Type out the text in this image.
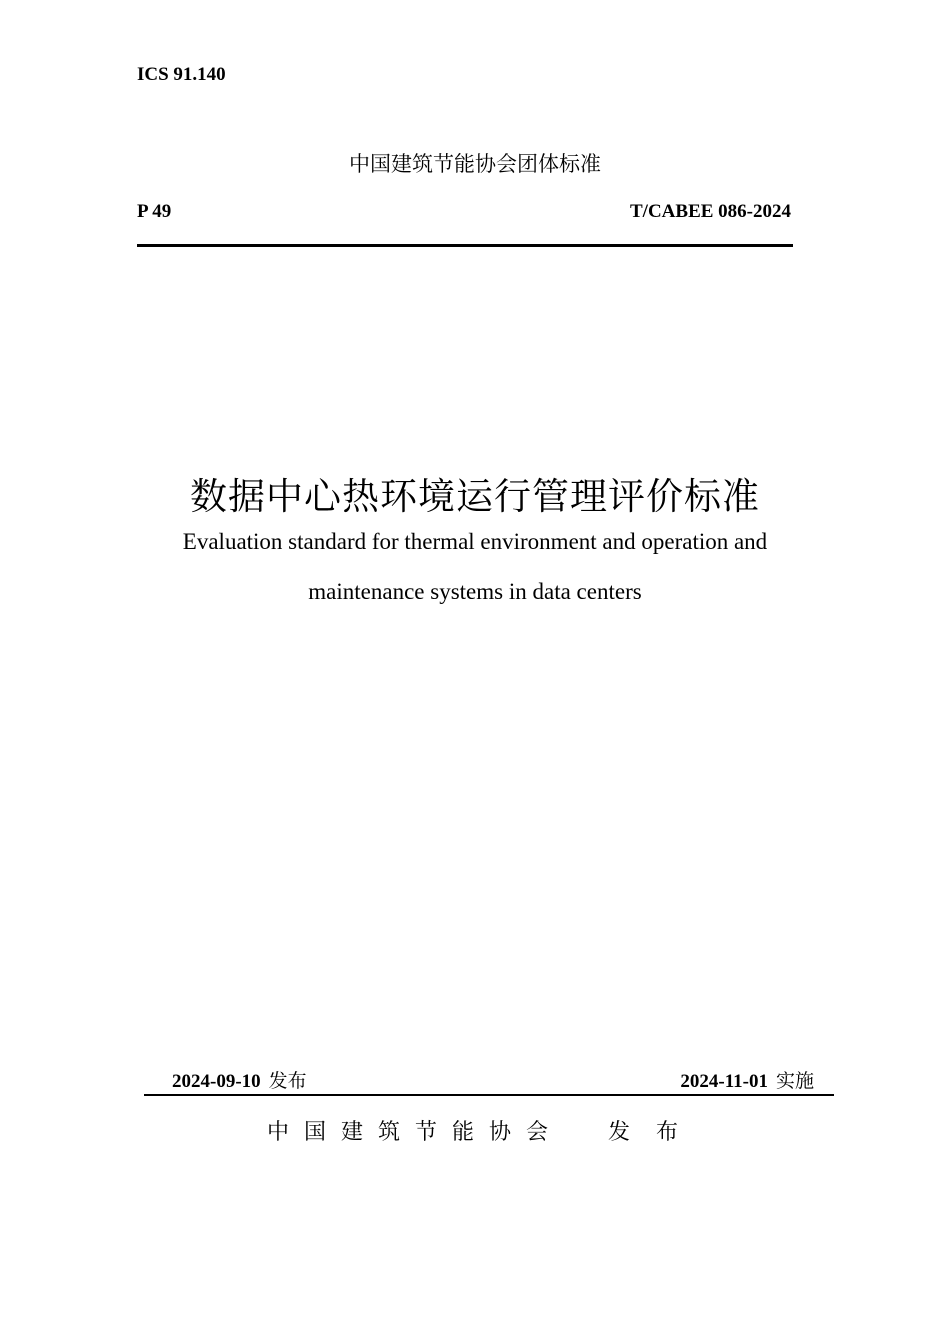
ICS 91.140
中国建筑节能协会团体标准
P 49	T/CABEE 086-2024
数据中心热环境运行管理评价标准
Evaluation standard for thermal environment and operation and
maintenance systems in data centers
2024-09-10 发布	2024-11-01 实施
中国建筑节能协会 发布
